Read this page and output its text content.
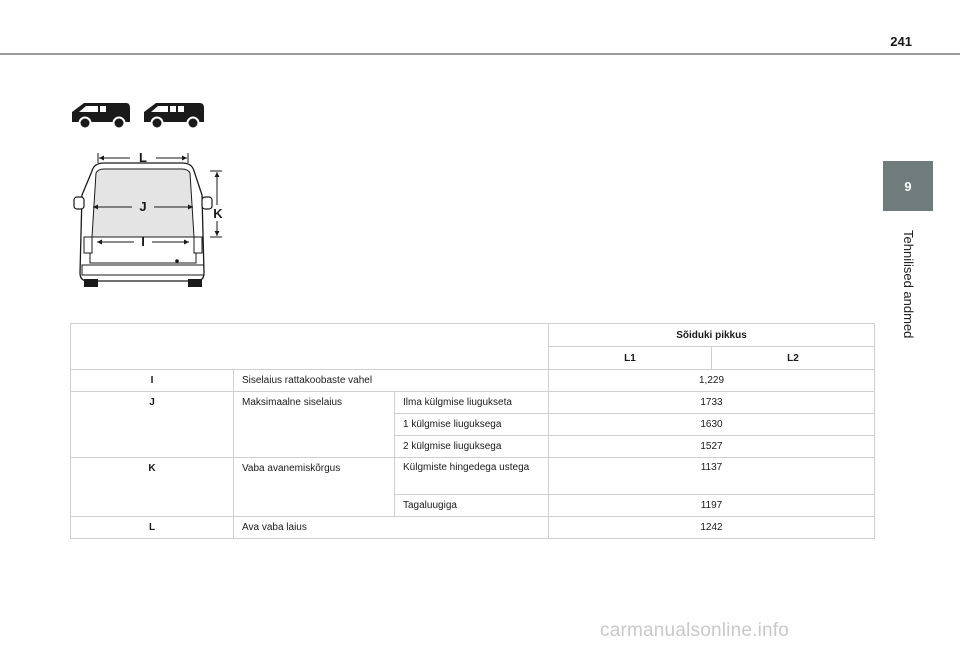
241
9
Tehnilised andmed
L
J
I
K
			Sõiduki pikkus	
			L1	L2
I	Siselaius rattakoobaste vahel		1,229	
J	Maksimaalne siselaius	Ilma külgmise liugukseta	1733	
		1 külgmise liuguksega	1630	
		2 külgmise liuguksega	1527	
K	Vaba avanemiskõrgus	Külgmiste hingedega ustega	1137	
		Tagaluugiga	1197	
L	Ava vaba laius		1242	
carmanualsonline.info
